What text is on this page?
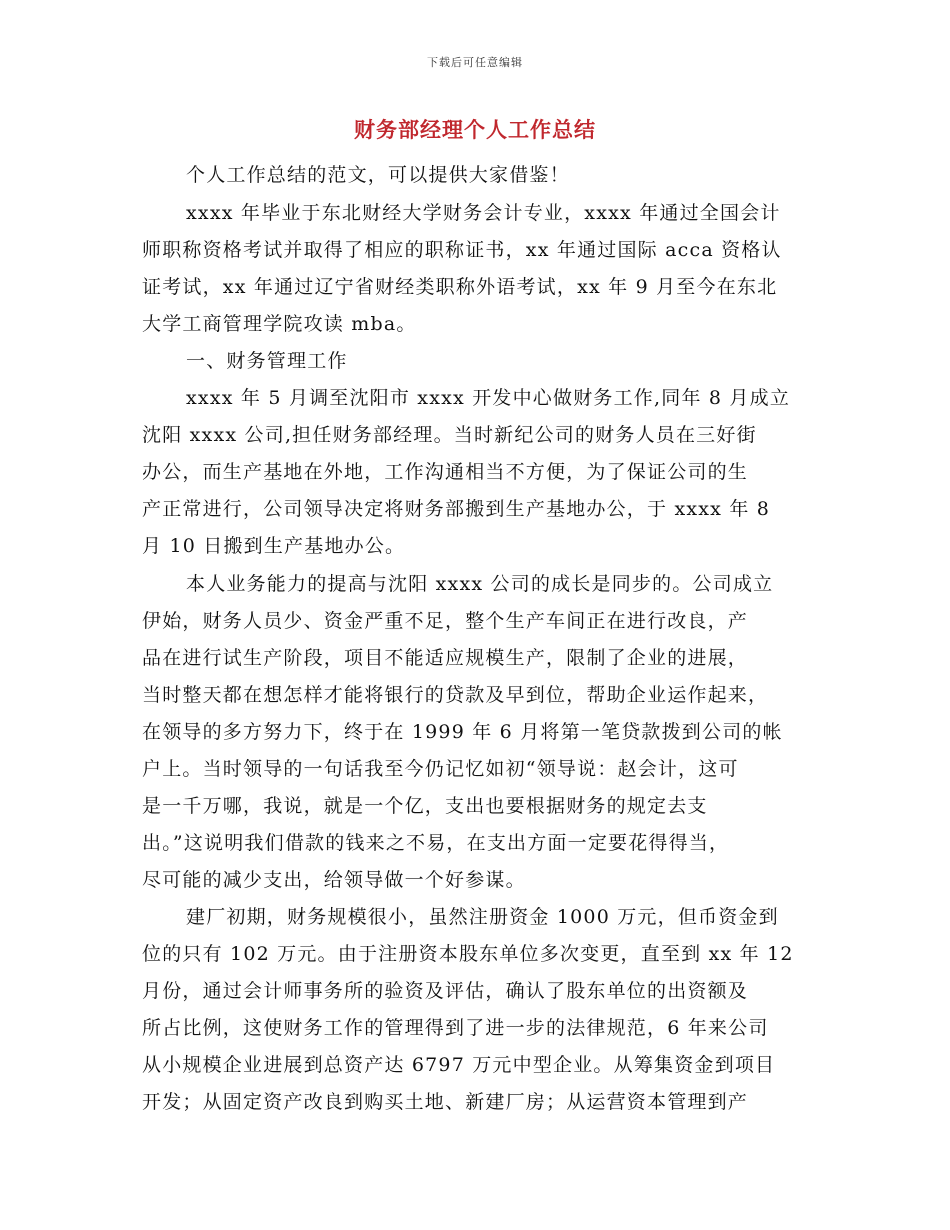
下载后可任意编辑
财务部经理个人工作总结
个人工作总结的范文，可以提供大家借鉴！
xxxx 年毕业于东北财经大学财务会计专业，xxxx 年通过全国会计
师职称资格考试并取得了相应的职称证书，xx 年通过国际 acca 资格认
证考试，xx 年通过辽宁省财经类职称外语考试，xx 年 9 月至今在东北
大学工商管理学院攻读 mba。
一、财务管理工作
xxxx 年 5 月调至沈阳市 xxxx 开发中心做财务工作,同年 8 月成立
沈阳 xxxx 公司,担任财务部经理。当时新纪公司的财务人员在三好街
办公，而生产基地在外地，工作沟通相当不方便，为了保证公司的生
产正常进行，公司领导决定将财务部搬到生产基地办公，于 xxxx 年 8
月 10 日搬到生产基地办公。
本人业务能力的提高与沈阳 xxxx 公司的成长是同步的。公司成立
伊始，财务人员少、资金严重不足，整个生产车间正在进行改良，产
品在进行试生产阶段，项目不能适应规模生产，限制了企业的进展，
当时整天都在想怎样才能将银行的贷款及早到位，帮助企业运作起来，
在领导的多方努力下，终于在 1999 年 6 月将第一笔贷款拨到公司的帐
户上。当时领导的一句话我至今仍记忆如初“领导说：赵会计，这可
是一千万哪，我说，就是一个亿，支出也要根据财务的规定去支
出。”这说明我们借款的钱来之不易，在支出方面一定要花得得当，
尽可能的减少支出，给领导做一个好参谋。
建厂初期，财务规模很小，虽然注册资金 1000 万元，但币资金到
位的只有 102 万元。由于注册资本股东单位多次变更，直至到 xx 年 12
月份，通过会计师事务所的验资及评估，确认了股东单位的出资额及
所占比例，这使财务工作的管理得到了进一步的法律规范，6 年来公司
从小规模企业进展到总资产达 6797 万元中型企业。从筹集资金到项目
开发；从固定资产改良到购买土地、新建厂房；从运营资本管理到产
